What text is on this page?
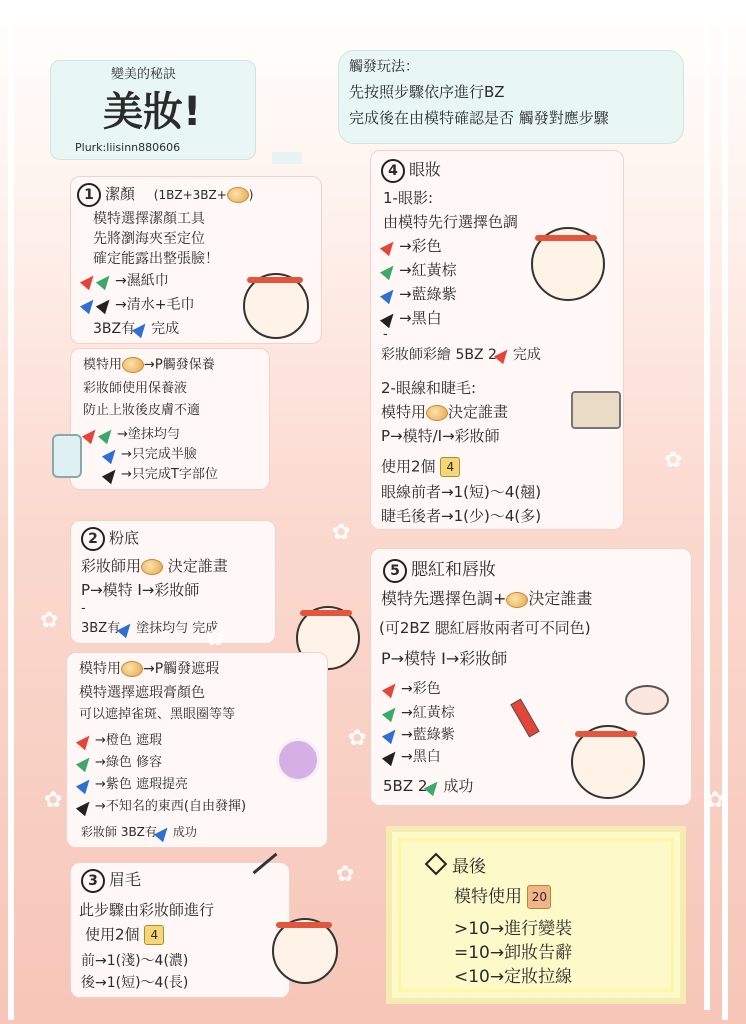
變美的秘訣
美妝!
Plurk:liisinn880606
觸發玩法：
先按照步驟依序進行BZ
完成後在由模特確認是否 觸發對應步驟
1 潔顏 (1BZ+3BZ+ )
模特選擇潔顏工具
先將瀏海夾至定位
確定能露出整張臉！
→濕紙巾
→清水+毛巾
3BZ有 完成
模特用 →P觸發保養
彩妝師使用保養液
防止上妝後皮膚不適
→塗抹均勻
→只完成半臉
→只完成T字部位
2 粉底
彩妝師用 決定誰畫
P→模特 I→彩妝師
-
3BZ有 塗抹均勻 完成
模特用 →P觸發遮瑕
模特選擇遮瑕膏顏色
可以遮掉雀斑、黑眼圈等等
→橙色 遮瑕
→綠色 修容
→紫色 遮瑕提亮
→不知名的東西(自由發揮)
彩妝師 3BZ有 成功
3 眉毛
此步驟由彩妝師進行
使用2個 4
前→1(淺)～4(濃)
後→1(短)～4(長)
4 眼妝
1-眼影:
由模特先行選擇色調
→彩色
→紅黃棕
→藍綠紫
→黑白
-
彩妝師彩繪 5BZ 2 完成
2-眼線和睫毛:
模特用 決定誰畫
P→模特/I→彩妝師
使用2個 4
眼線前者→1(短)～4(翹)
睫毛後者→1(少)～4(多)
5 腮紅和唇妝
模特先選擇色調+ 決定誰畫
(可2BZ 腮紅唇妝兩者可不同色)
P→模特 I→彩妝師
→彩色
→紅黃棕
→藍綠紫
→黑白
5BZ 2 成功
最後
模特使用 20
>10→進行變裝
=10→卸妝告辭
<10→定妝拉線
✿
✿
✿
✿
✿
✿
✿
✿
